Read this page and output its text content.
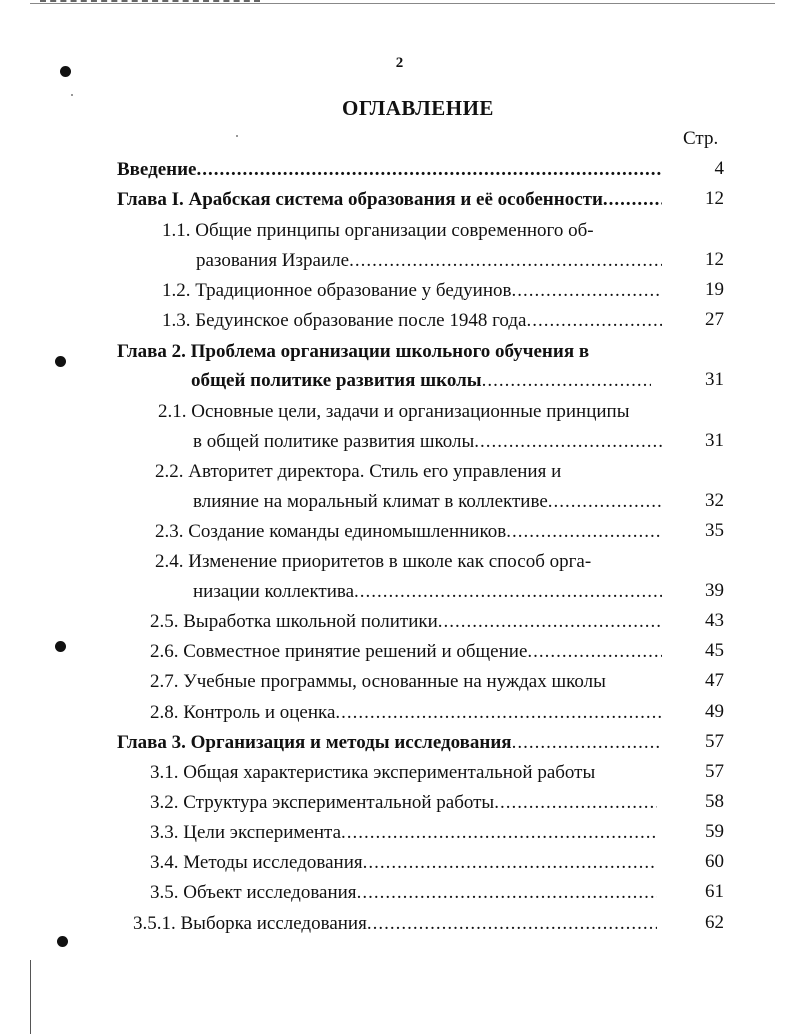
2
ОГЛАВЛЕНИЕ
Стр.
Введение .....	4
Глава I. Арабская система образования и её особенности .....	12
1.1. Общие принципы организации современного об-
разования Израиле .....	12
1.2. Традиционное образование у бедуинов .....	19
1.3. Бедуинское образование после 1948 года .....	27
Глава 2. Проблема организации школьного обучения в
общей политике развития школы .....	31
2.1. Основные цели, задачи и организационные принципы
в общей политике развития школы .....	31
2.2. Авторитет директора. Стиль его управления и
влияние на моральный климат в коллективе .....	32
2.3. Создание команды единомышленников .....	35
2.4. Изменение приоритетов в школе как способ орга-
низации коллектива .....	39
2.5. Выработка школьной политики .....	43
2.6. Совместное принятие решений и общение .....	45
2.7. Учебные программы, основанные на нуждах школы	47
2.8. Контроль и оценка .....	49
Глава 3. Организация и методы исследования .....	57
3.1. Общая характеристика экспериментальной работы	57
3.2. Структура экспериментальной работы .....	58
3.3. Цели эксперимента .....	59
3.4. Методы исследования .....	60
3.5. Объект исследования .....	61
3.5.1. Выборка исследования .....	62
